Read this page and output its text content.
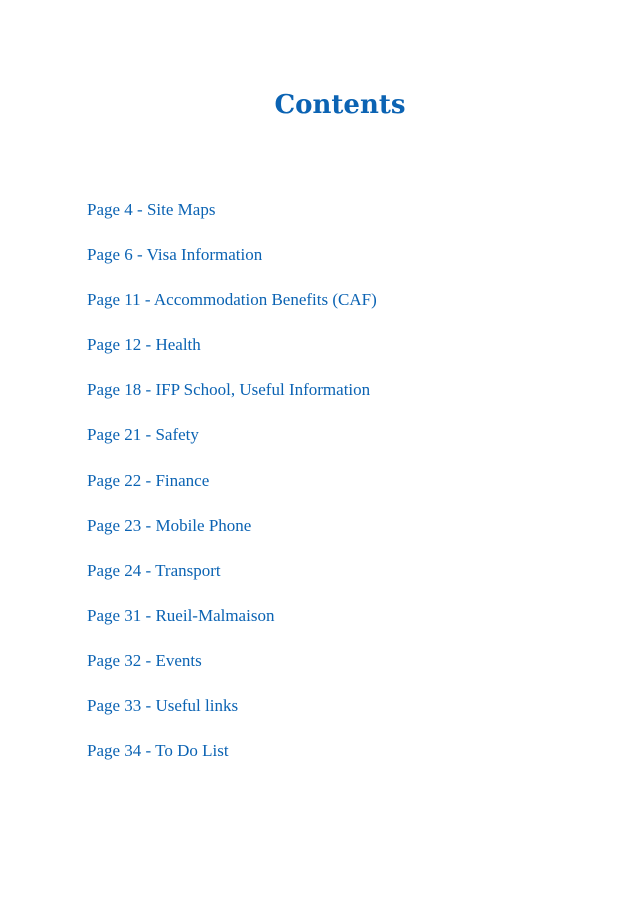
Contents
Page 4 - Site Maps
Page 6 - Visa Information
Page 11 - Accommodation Benefits (CAF)
Page 12 - Health
Page 18 - IFP School, Useful Information
Page 21 - Safety
Page 22 - Finance
Page 23 - Mobile Phone
Page 24 - Transport
Page 31 - Rueil-Malmaison
Page 32 - Events
Page 33 - Useful links
Page 34 - To Do List
